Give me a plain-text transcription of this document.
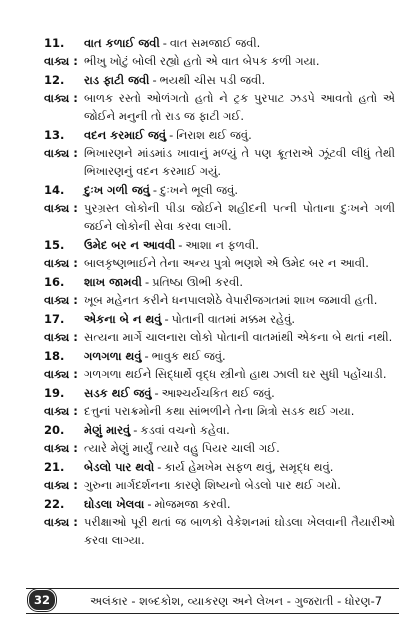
11.	વાત કળાઈ જવી - વાત સમજાઈ જવી.
વાક્ય : ભીખુ ખોટું બોલી રહ્યો હતો એ વાત બેપક કળી ગયા.
12.	રાડ ફાટી જવી - ભયથી ચીસ પડી જવી.
વાક્ય : બાળક રસ્તો ઓળંગતો હતો ને ટ્રક પુરપાટ ઝડપે આવતો હતો એ જોઈને મનુની તો રાડ જ ફાટી ગઈ.
13.	વદન કરમાઈ જવું - નિરાશ થઈ જવું.
વાક્ય : ભિખારણને માંડમાંડ ખાવાનું મળ્યું તે પણ ક્રૂતરાએ ઝૂંટવી લીધું તેથી ભિખારણનું વદન કરમાઈ ગયું.
14.	દુઃખ ગળી જવું - દુઃખને ભૂલી જવું.
વાક્ય : પુરગ્રસ્ત લોકોની પીડા જોઈને શહીદની પત્ની પોતાના દુઃખને ગળી જઈને લોકોની સેવા કરવા લાગી.
15.	ઉમેદ બર ન આવવી - આશા ન ફળવી.
વાક્ય : બાલકૃષ્ણભાઈને તેના અન્ય પુત્રો ભણશે એ ઉમેદ બર ન આવી.
16.	શાખ જામવી - પ્રતિષ્ઠા ઊભી કરવી.
વાક્ય : ખૂબ મહેનત કરીને ધનપાલશેઠે વેપારીજગતમાં શાખ જમાવી હતી.
17.	એકના બે ન થવું - પોતાની વાતમાં મક્કમ રહેવું.
વાક્ય : સત્યના માર્ગે ચાલનારા લોકો પોતાની વાતમાંથી એકના બે થતાં નથી.
18.	ગળગળા થવું - ભાવુક થઈ જવું.
વાક્ય : ગળગળા થઈને સિદ્ધાર્થે વૃદ્ધ સ્ત્રીનો હાથ ઝાલી ઘર સુધી પહોંચાડી.
19.	સડક થઈ જવું - આશ્ચર્યચકિત થઈ જવું.
વાક્ય : દત્તુનાં પરાક્રમોની કથા સાંભળીને તેના મિત્રો સડક થઈ ગયા.
20.	મેણું મારવું - કડવાં વચનો કહેવા.
વાક્ય : ત્યારે મેણું માર્યું ત્યારે વહુ પિયર ચાલી ગઈ.
21.	બેડલો પાર થવો - કાર્ય હેમખેમ સફળ થવું, સમૃદ્ધ થવું.
વાક્ય : ગુરુના માર્ગદર્શનના કારણે શિષ્યનો બેડલો પાર થઈ ગયો.
22.	ઘોડલા ખેલવા - મોજમજા કરવી.
વાક્ય : પરીક્ષાઓ પૂરી થતાં જ બાળકો વેકેશનમાં ઘોડલા ખેલવાની તૈયારીઓ કરવા લાગ્યા.
32	અલંકાર - શબ્દકોશ, વ્યાકરણ અને લેખન - ગુજરાતી - ધોરણ-7
